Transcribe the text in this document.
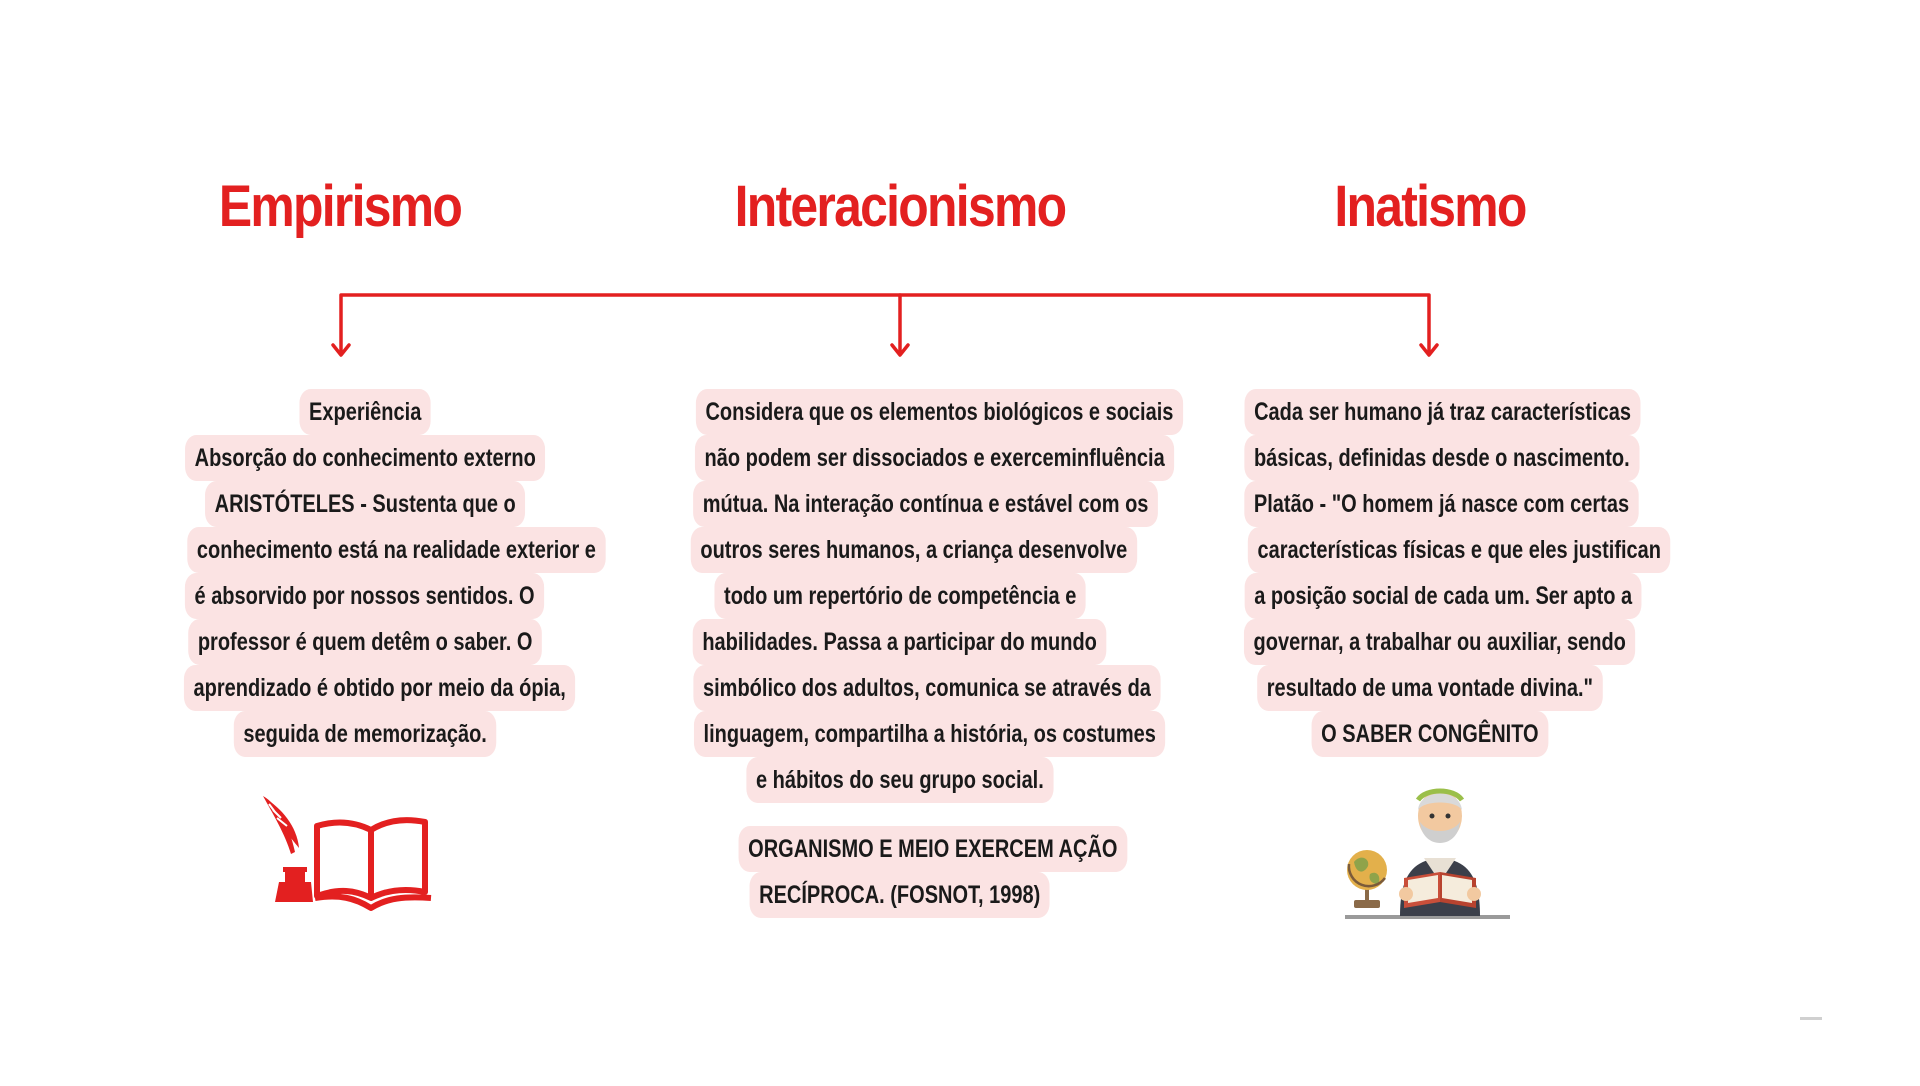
Empirismo	Interacionismo	Inatismo
Experiência
Absorção do conhecimento externo
ARISTÓTELES - Sustenta que o
conhecimento está na realidade exterior e
é absorvido por nossos sentidos. O
professor é quem detêm o saber. O
aprendizado é obtido por meio da ópia,
seguida de memorização.
Considera que os elementos biológicos e sociais
não podem ser dissociados e exerceminfluência
mútua. Na interação contínua e estável com os
outros seres humanos, a criança desenvolve
todo um repertório de competência e
habilidades. Passa a participar do mundo
simbólico dos adultos, comunica se através da
linguagem, compartilha a história, os costumes
e hábitos do seu grupo social.
ORGANISMO E MEIO EXERCEM AÇÃO
RECÍPROCA. (FOSNOT, 1998)
Cada ser humano já traz características
básicas, definidas desde o nascimento.
Platão - "O homem já nasce com certas
características físicas e que eles justifican
a posição social de cada um. Ser apto a
governar, a trabalhar ou auxiliar, sendo
resultado de uma vontade divina."
O SABER CONGÊNITO
